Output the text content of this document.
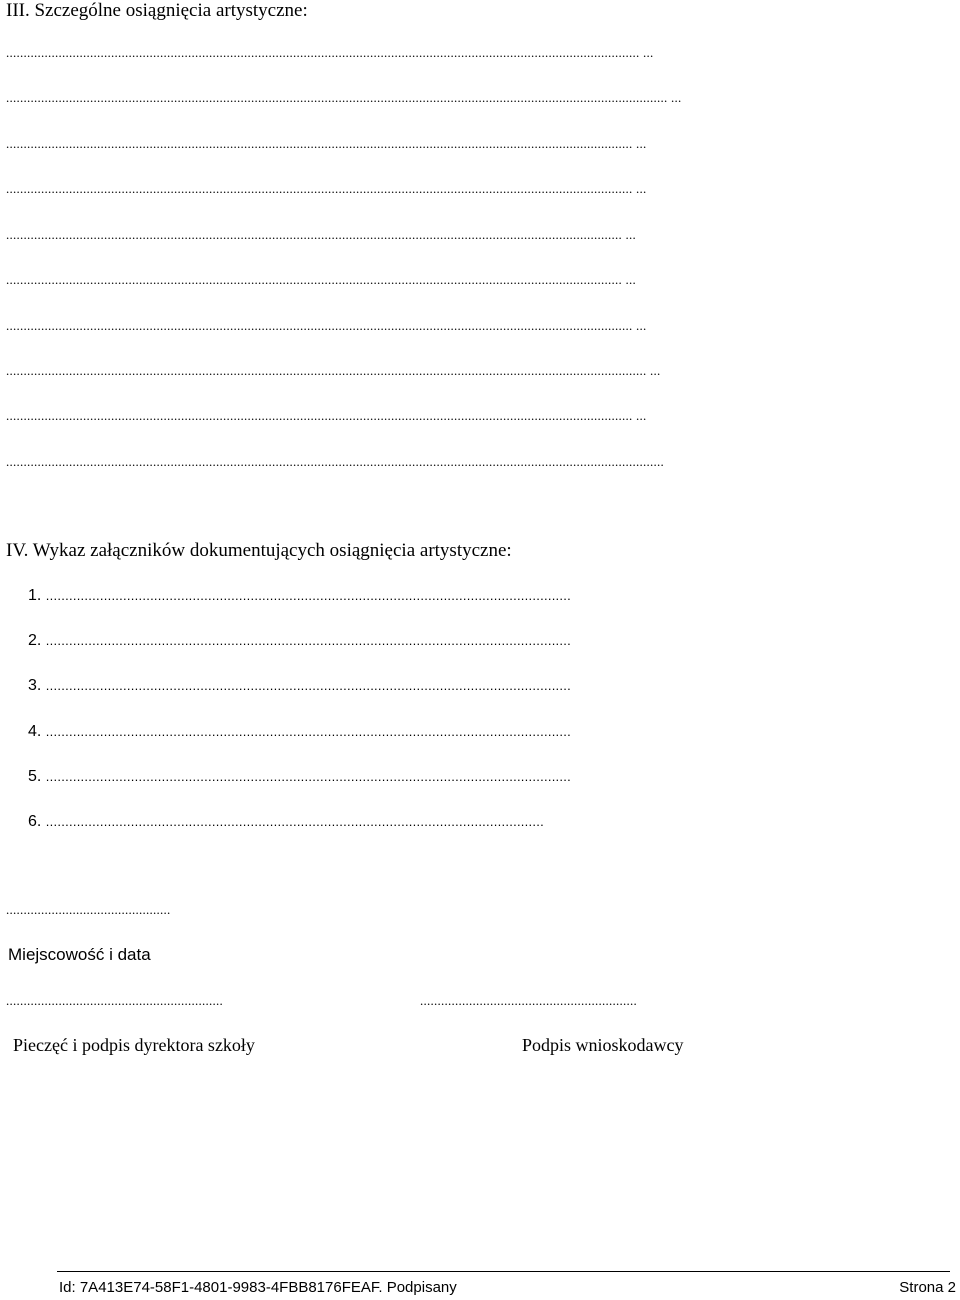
III. Szczególne osiągnięcia artystyczne:
..................................................................................................................................................................................... ...
............................................................................................................................................................................................. ...
................................................................................................................................................................................... ...
................................................................................................................................................................................... ...
................................................................................................................................................................................ ...
................................................................................................................................................................................ ...
................................................................................................................................................................................... ...
....................................................................................................................................................................................... ...
................................................................................................................................................................................... ...
............................................................................................................................................................................................
IV. Wykaz załączników dokumentujących osiągnięcia artystyczne:
1. ........................................................................................................................................
2. ........................................................................................................................................
3. ........................................................................................................................................
4. ........................................................................................................................................
5. ........................................................................................................................................
6. .................................................................................................................................
...............................................
Miejscowość i data
..............................................................	..............................................................
Pieczęć i podpis dyrektora szkoły	Podpis wnioskodawcy
Id: 7A413E74-58F1-4801-9983-4FBB8176FEAF. Podpisany	Strona 2
